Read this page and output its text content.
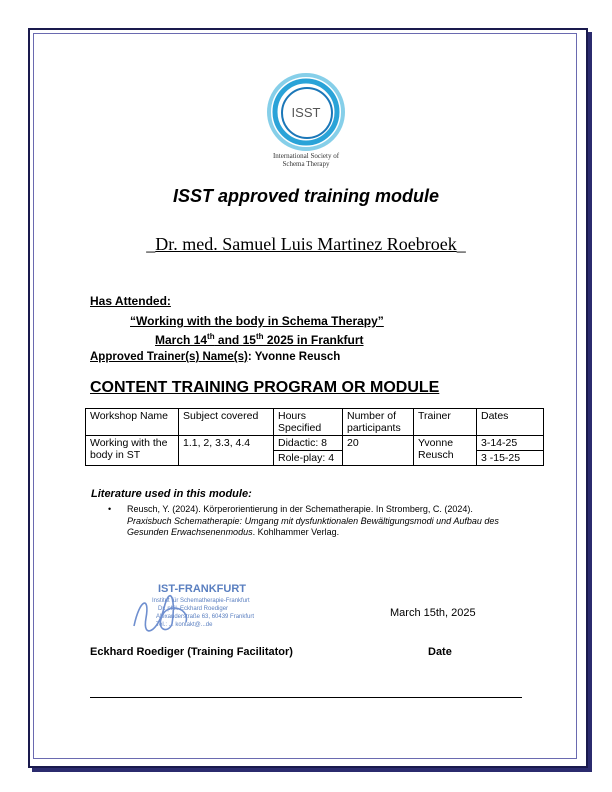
ISST
International Society of
Schema Therapy
ISST approved training module
_Dr. med. Samuel Luis Martinez Roebroek_
Has Attended:
“Working with the body in Schema Therapy”
March 14th and 15th 2025 in Frankfurt
Approved Trainer(s) Name(s): Yvonne Reusch
CONTENT TRAINING PROGRAM OR MODULE
Workshop Name	Subject covered	Hours Specified	Number of participants	Trainer	Dates
Working with the body in ST	1.1, 2, 3.3, 4.4	Didactic: 8	20	Yvonne Reusch	3-14-25
		Role-play: 4			3 -15-25
Literature used in this module:
• Reusch, Y. (2024). Körperorientierung in der Schematherapie. In Stromberg, C. (2024). Praxisbuch Schematherapie: Umgang mit dysfunktionalen Bewältigungsmodi und Aufbau des Gesunden Erwachsenenmodus. Kohlhammer Verlag.
IST-FRANKFURT
Institut für Schematherapie-Frankfurt
Dr. phil. Eckhard Roediger
Alexanderstraße 63, 60439 Frankfurt
Tel.: ... kontakt@...de
March 15th, 2025
Eckhard Roediger (Training Facilitator)	Date
